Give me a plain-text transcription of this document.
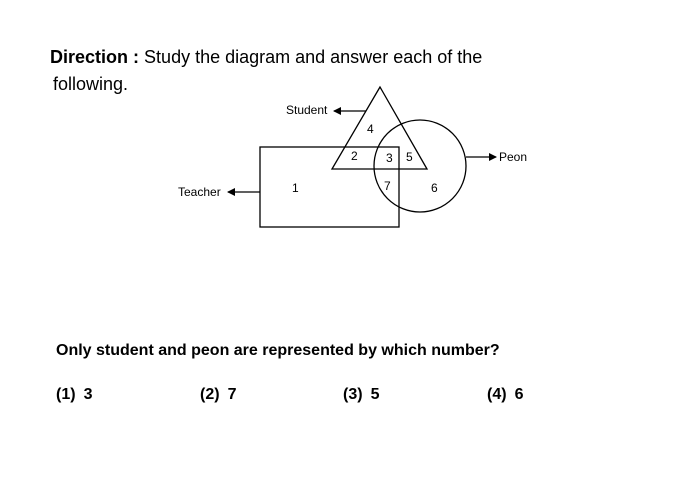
Direction : Study the diagram and answer each of the
following.
Student
Teacher
Peon
1
2 3
4
5
6
7
Only student and peon are represented by which number?
(1) 3	(2) 7	(3) 5	(4) 6
